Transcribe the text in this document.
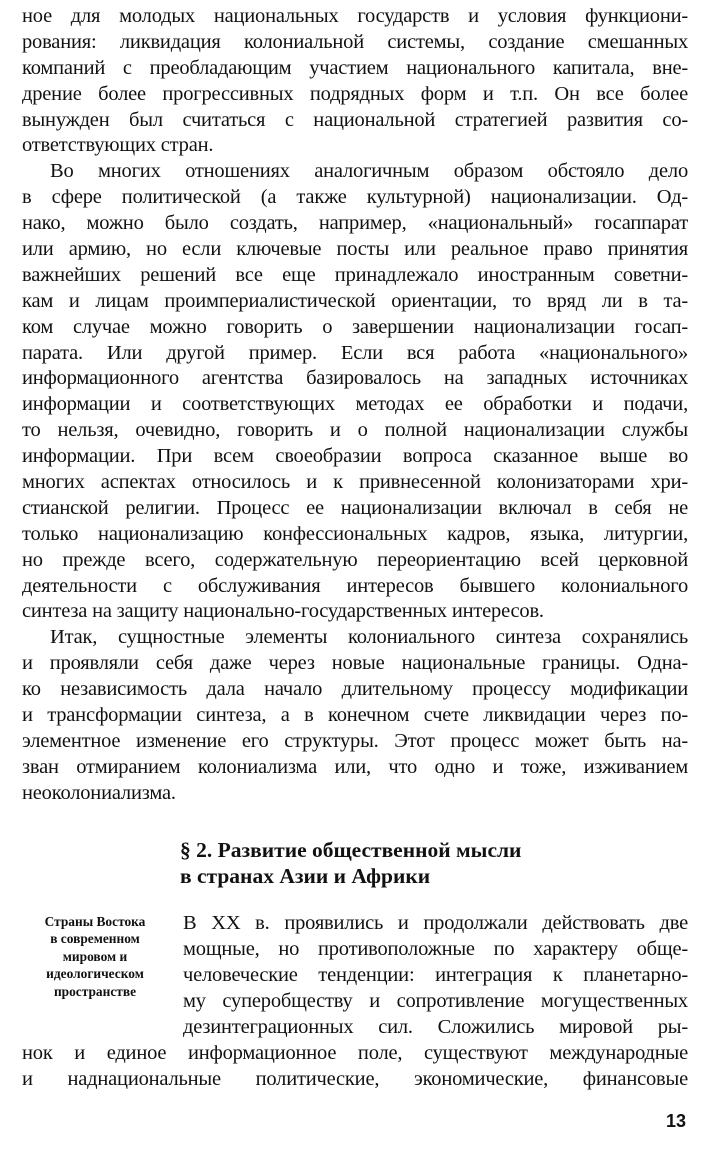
ное для молодых национальных государств и условия функциони-
рования: ликвидация колониальной системы, создание смешанных
компаний с преобладающим участием национального капитала, вне-
дрение более прогрессивных подрядных форм и т.п. Он все более
вынужден был считаться с национальной стратегией развития со-
ответствующих стран.
Во многих отношениях аналогичным образом обстояло дело
в сфере политической (а также культурной) национализации. Од-
нако, можно было создать, например, «национальный» госаппарат
или армию, но если ключевые посты или реальное право принятия
важнейших решений все еще принадлежало иностранным советни-
кам и лицам проимпериалистической ориентации, то вряд ли в та-
ком случае можно говорить о завершении национализации госап-
парата. Или другой пример. Если вся работа «национального»
информационного агентства базировалось на западных источниках
информации и соответствующих методах ее обработки и подачи,
то нельзя, очевидно, говорить и о полной национализации службы
информации. При всем своеобразии вопроса сказанное выше во
многих аспектах относилось и к привнесенной колонизаторами хри-
стианской религии. Процесс ее национализации включал в себя не
только национализацию конфессиональных кадров, языка, литургии,
но прежде всего, содержательную переориентацию всей церковной
деятельности с обслуживания интересов бывшего колониального
синтеза на защиту национально-государственных интересов.
Итак, сущностные элементы колониального синтеза сохранялись
и проявляли себя даже через новые национальные границы. Одна-
ко независимость дала начало длительному процессу модификации
и трансформации синтеза, а в конечном счете ликвидации через по-
элементное изменение его структуры. Этот процесс может быть на-
зван отмиранием колониализма или, что одно и тоже, изживанием
неоколониализма.
§ 2. Развитие общественной мысли
в странах Азии и Африки
Страны Востока
в современном
мировом и
идеологическом
пространстве
В XX в. проявились и продолжали действовать две
мощные, но противоположные по характеру обще-
человеческие тенденции: интеграция к планетарно-
му суперобществу и сопротивление могущественных
дезинтеграционных сил. Сложились мировой ры-
нок и единое информационное поле, существуют международные
и наднациональные политические, экономические, финансовые
13
